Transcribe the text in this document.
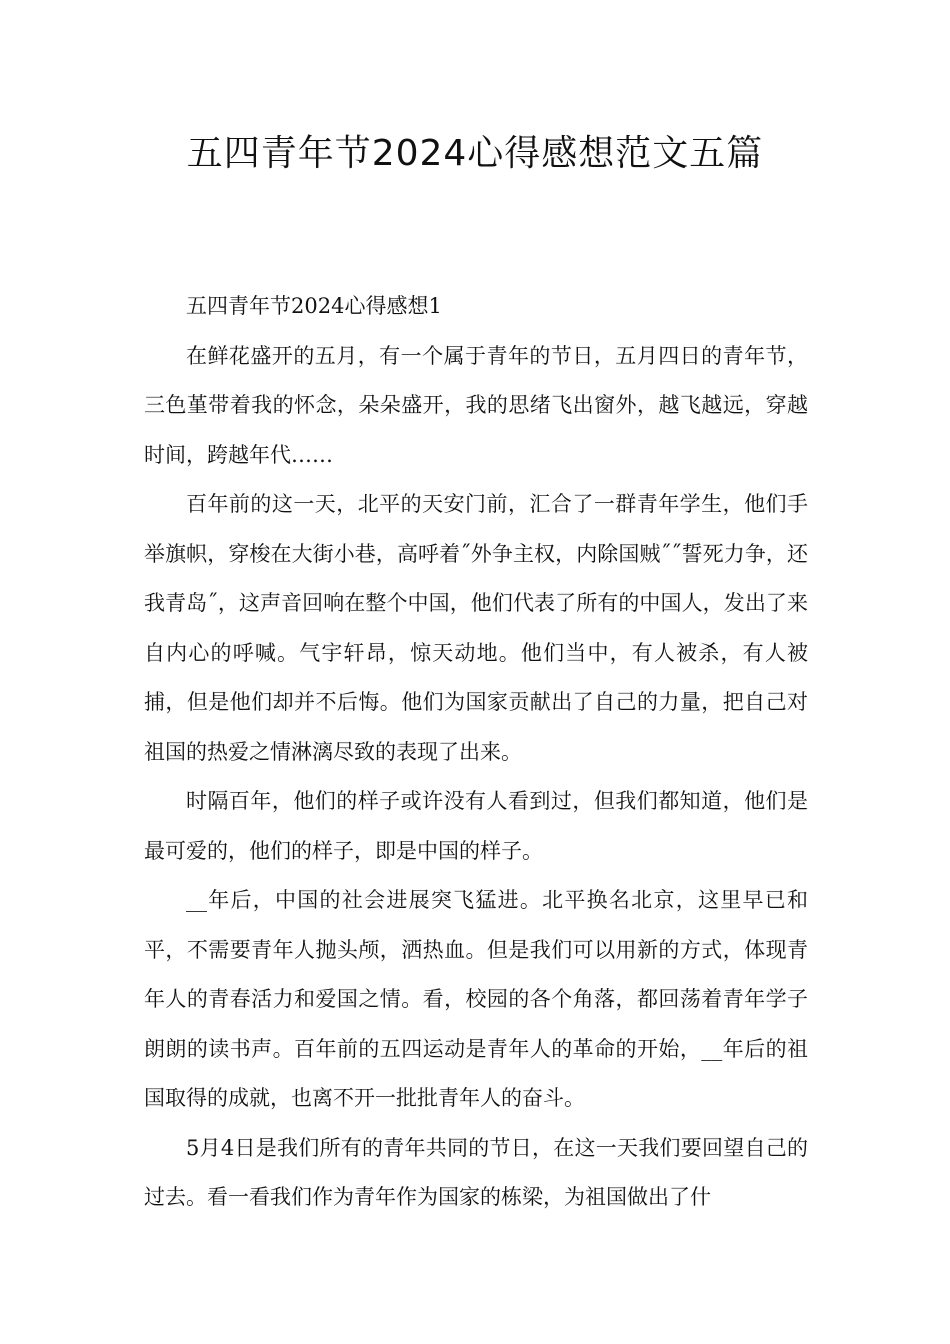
五四青年节2024心得感想范文五篇

五四青年节2024心得感想1

在鲜花盛开的五月，有一个属于青年的节日，五月四日的青年节，三色堇带着我的怀念，朵朵盛开，我的思绪飞出窗外，越飞越远，穿越时间，跨越年代……

百年前的这一天，北平的天安门前，汇合了一群青年学生，他们手举旗帜，穿梭在大街小巷，高呼着˝外争主权，内除国贼˝˝誓死力争，还我青岛˝，这声音回响在整个中国，他们代表了所有的中国人，发出了来自内心的呼喊。气宇轩昂，惊天动地。他们当中，有人被杀，有人被捕，但是他们却并不后悔。他们为国家贡献出了自己的力量，把自己对祖国的热爱之情淋漓尽致的表现了出来。

时隔百年，他们的样子或许没有人看到过，但我们都知道，他们是最可爱的，他们的样子，即是中国的样子。

__年后，中国的社会进展突飞猛进。北平换名北京，这里早已和平，不需要青年人抛头颅，洒热血。但是我们可以用新的方式，体现青年人的青春活力和爱国之情。看，校园的各个角落，都回荡着青年学子朗朗的读书声。百年前的五四运动是青年人的革命的开始，__年后的祖国取得的成就，也离不开一批批青年人的奋斗。

5月4日是我们所有的青年共同的节日，在这一天我们要回望自己的过去。看一看我们作为青年作为国家的栋梁，为祖国做出了什
